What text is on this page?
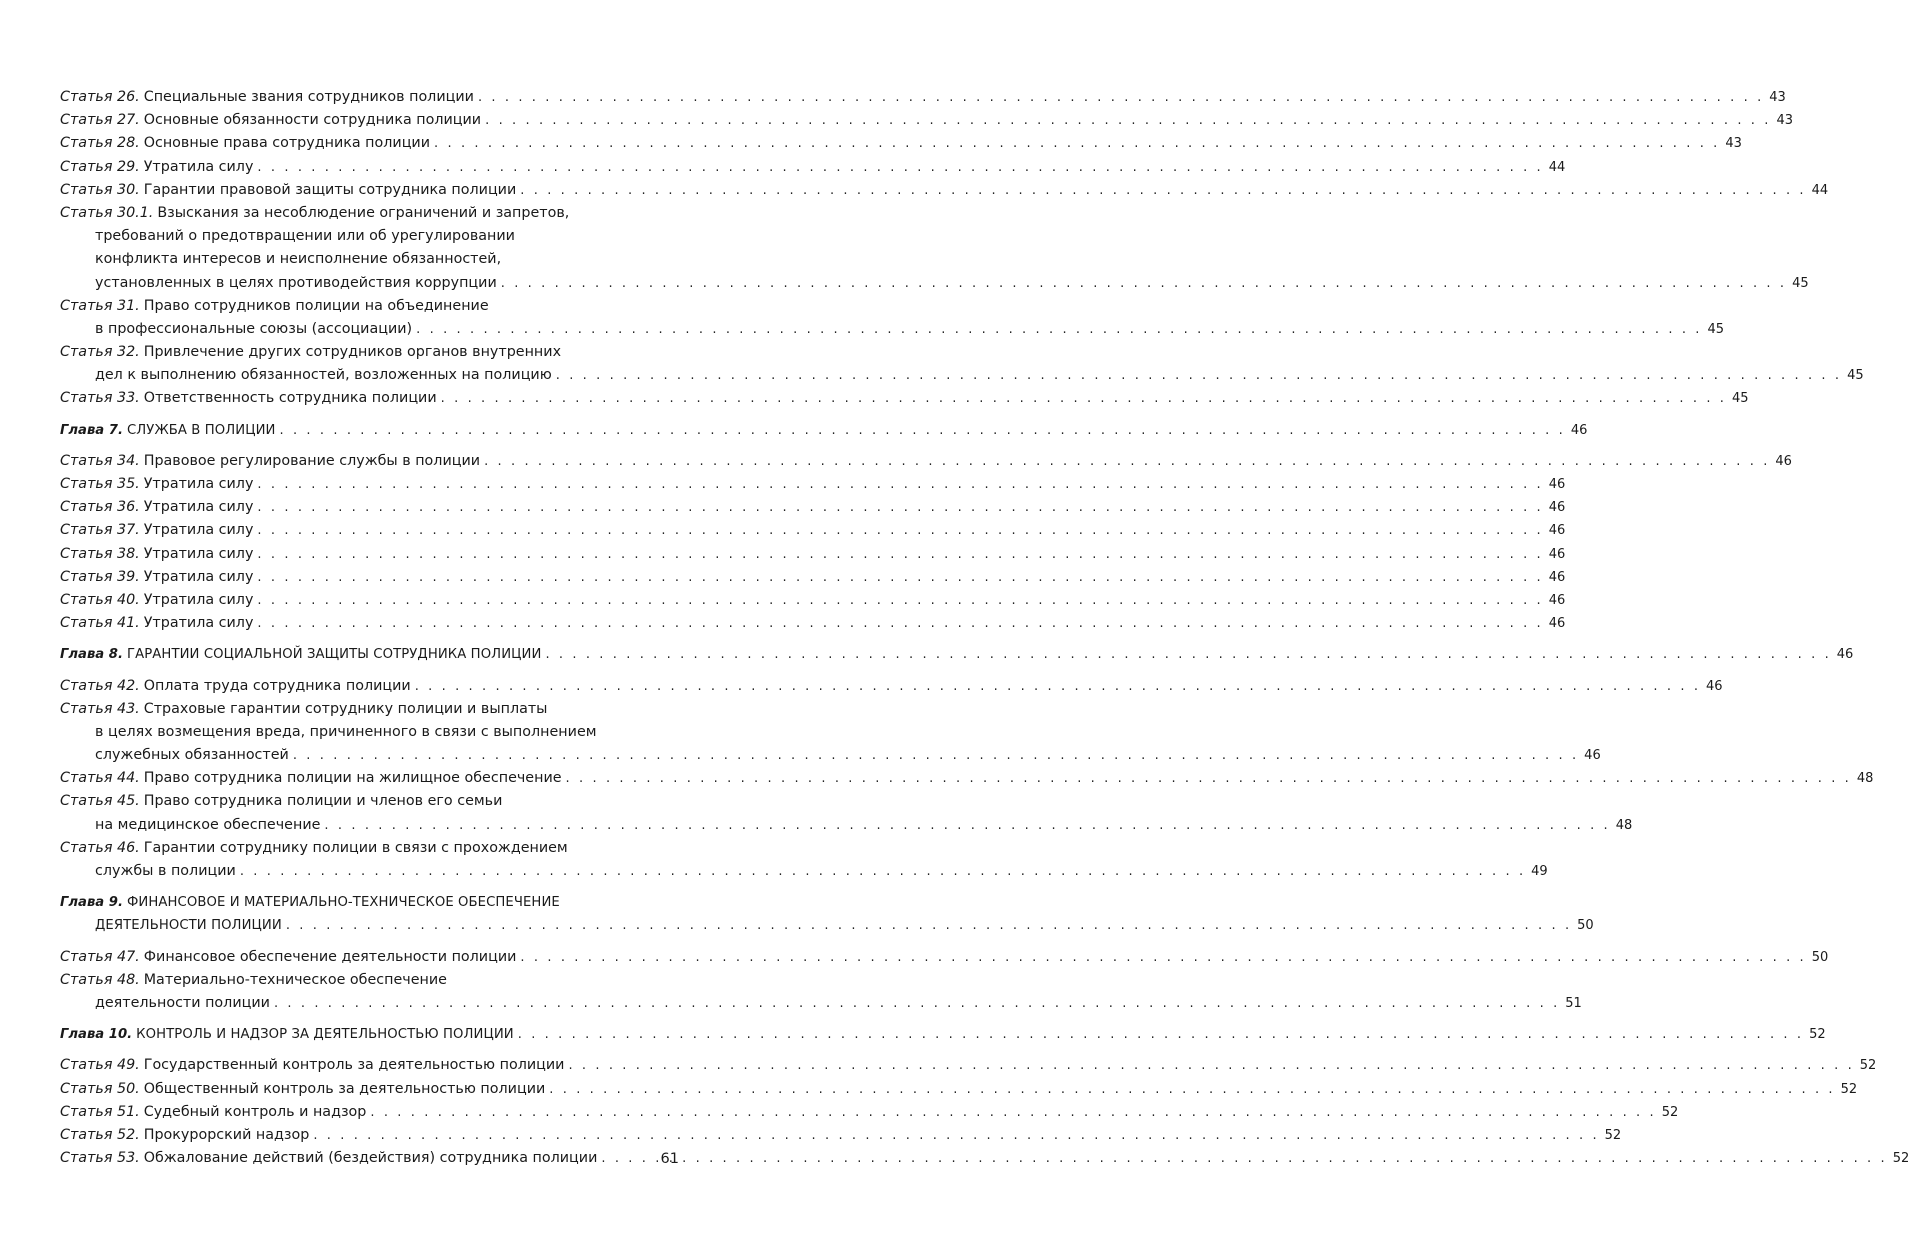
Статья 26. Специальные звания сотрудников полиции . . .	43
Статья 27. Основные обязанности сотрудника полиции . . .	43
Статья 28. Основные права сотрудника полиции . . .	43
Статья 29. Утратила силу . . .	44
Статья 30. Гарантии правовой защиты сотрудника полиции . . .	44
Статья 30.1. Взыскания за несоблюдение ограничений и запретов,
требований о предотвращении или об урегулировании
конфликта интересов и неисполнение обязанностей,
установленных в целях противодействия коррупции . . .	45
Статья 31. Право сотрудников полиции на объединение
в профессиональные союзы (ассоциации) . . .	45
Статья 32. Привлечение других сотрудников органов внутренних
дел к выполнению обязанностей, возложенных на полицию . . .	45
Статья 33. Ответственность сотрудника полиции . . .	45
Глава 7. СЛУЖБА В ПОЛИЦИИ . . .	46
Статья 34. Правовое регулирование службы в полиции . . .	46
Статья 35. Утратила силу . . .	46
Статья 36. Утратила силу . . .	46
Статья 37. Утратила силу . . .	46
Статья 38. Утратила силу . . .	46
Статья 39. Утратила силу . . .	46
Статья 40. Утратила силу . . .	46
Статья 41. Утратила силу . . .	46
Глава 8. ГАРАНТИИ СОЦИАЛЬНОЙ ЗАЩИТЫ СОТРУДНИКА ПОЛИЦИИ . . .	46
Статья 42. Оплата труда сотрудника полиции . . .	46
Статья 43. Страховые гарантии сотруднику полиции и выплаты
в целях возмещения вреда, причиненного в связи с выполнением
служебных обязанностей . . .	46
Статья 44. Право сотрудника полиции на жилищное обеспечение . . .	48
Статья 45. Право сотрудника полиции и членов его семьи
на медицинское обеспечение . . .	48
Статья 46. Гарантии сотруднику полиции в связи с прохождением
службы в полиции . . .	49
Глава 9. ФИНАНСОВОЕ И МАТЕРИАЛЬНО-ТЕХНИЧЕСКОЕ ОБЕСПЕЧЕНИЕ
ДЕЯТЕЛЬНОСТИ ПОЛИЦИИ . . .	50
Статья 47. Финансовое обеспечение деятельности полиции . . .	50
Статья 48. Материально-техническое обеспечение
деятельности полиции . . .	51
Глава 10. КОНТРОЛЬ И НАДЗОР ЗА ДЕЯТЕЛЬНОСТЬЮ ПОЛИЦИИ . . .	52
Статья 49. Государственный контроль за деятельностью полиции . . .	52
Статья 50. Общественный контроль за деятельностью полиции . . .	52
Статья 51. Судебный контроль и надзор . . .	52
Статья 52. Прокурорский надзор . . .	52
Статья 53. Обжалование действий (бездействия) сотрудника полиции . . .	52
61
